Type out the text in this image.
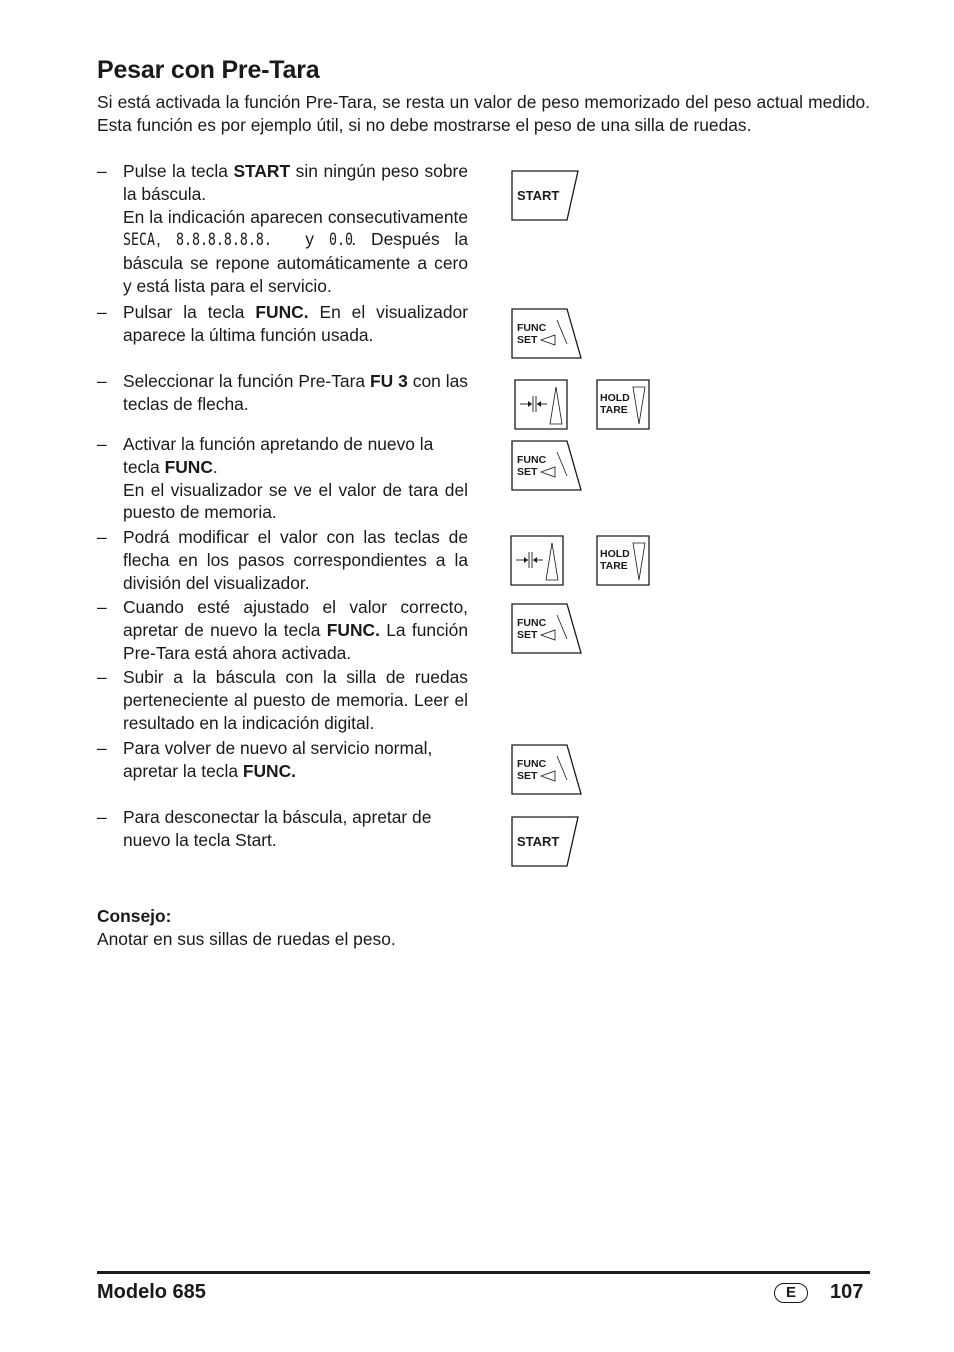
Pesar con Pre-Tara

Si está activada la función Pre-Tara, se resta un valor de peso memorizado del peso actual medido. Esta función es por ejemplo útil, si no debe mostrarse el peso de una silla de ruedas.

– Pulse la tecla START sin ningún peso sobre la báscula.

En la indicación aparecen consecutivamente SECA, 8.8.8.8.8.8. y 0.0. Después la báscula se repone automáticamente a cero y está lista para el servicio.

– Pulsar la tecla FUNC. En el visualizador aparece la última función usada.

– Seleccionar la función Pre-Tara FU 3 con las teclas de flecha.

– Activar la función apretando de nuevo la tecla FUNC.

En el visualizador se ve el valor de tara del puesto de memoria.

– Podrá modificar el valor con las teclas de flecha en los pasos correspondientes a la división del visualizador.

– Cuando esté ajustado el valor correcto, apretar de nuevo la tecla FUNC. La función Pre-Tara está ahora activada.

– Subir a la báscula con la silla de ruedas perteneciente al puesto de memoria. Leer el resultado en la indicación digital.

– Para volver de nuevo al servicio normal, apretar la tecla FUNC.

– Para desconectar la báscula, apretar de nuevo la tecla Start.

START
FUNC
SET
HOLD
TARE
FUNC
SET
HOLD
TARE
FUNC
SET
FUNC
SET
START

Consejo:

Anotar en sus sillas de ruedas el peso.

Modelo 685	E	107
